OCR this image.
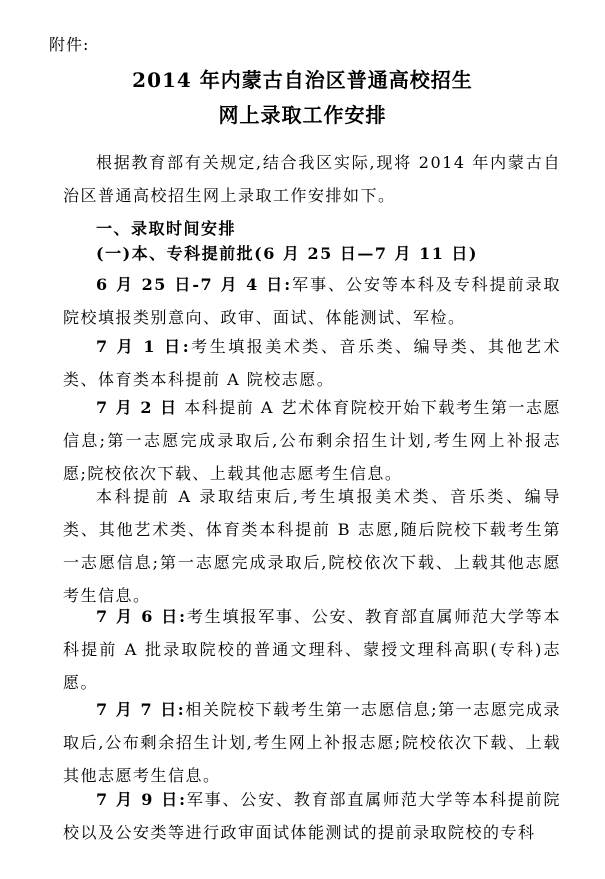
附件:
2014 年内蒙古自治区普通高校招生
网上录取工作安排
根据教育部有关规定,结合我区实际,现将 2014 年内蒙古自治区普通高校招生网上录取工作安排如下。
一、录取时间安排
(一)本、专科提前批(6 月 25 日—7 月 11 日)
6 月 25 日-7 月 4 日:军事、公安等本科及专科提前录取院校填报类别意向、政审、面试、体能测试、军检。
7 月 1 日:考生填报美术类、音乐类、编导类、其他艺术类、体育类本科提前 A 院校志愿。
7 月 2 日 本科提前 A 艺术体育院校开始下载考生第一志愿信息;第一志愿完成录取后,公布剩余招生计划,考生网上补报志愿;院校依次下载、上载其他志愿考生信息。
本科提前 A 录取结束后,考生填报美术类、音乐类、编导类、其他艺术类、体育类本科提前 B 志愿,随后院校下载考生第一志愿信息;第一志愿完成录取后,院校依次下载、上载其他志愿考生信息。
7 月 6 日:考生填报军事、公安、教育部直属师范大学等本科提前 A 批录取院校的普通文理科、蒙授文理科高职(专科)志愿。
7 月 7 日:相关院校下载考生第一志愿信息;第一志愿完成录取后,公布剩余招生计划,考生网上补报志愿;院校依次下载、上载其他志愿考生信息。
7 月 9 日:军事、公安、教育部直属师范大学等本科提前院校以及公安类等进行政审面试体能测试的提前录取院校的专科
